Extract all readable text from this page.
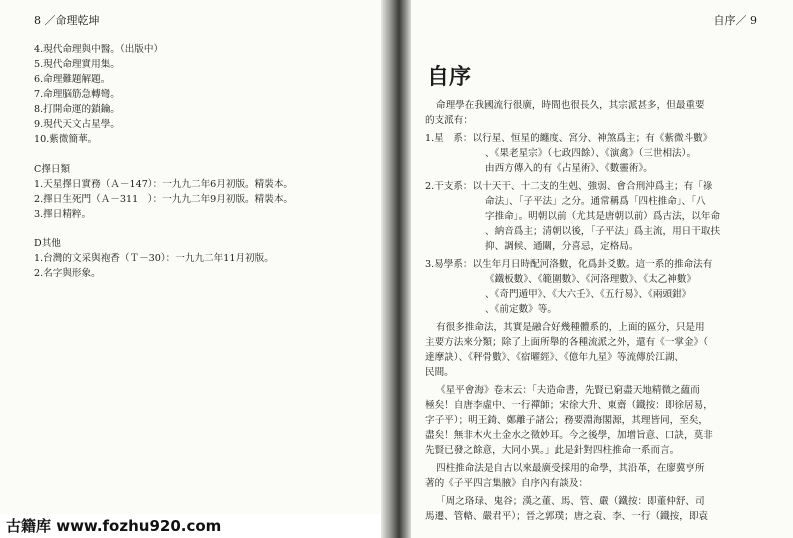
8 ／命理乾坤
4.現代命理與中醫。（出版中）
5.現代命理實用集。
6.命理難題解題。
7.命理脳筋急轉彎。
8.打開命運的鎖鑰。
9.現代天文占星學。
10.紫微簡華。
C擇日類
1.天星擇日實務（Ａ－147）：一九九二年6月初版。精裝本。
2.擇日生死門（Ａ－311　）：一九九二年9月初版。精裝本。
3.擇日精粹。
D其他
1.台灣的文采與袍香（Ｔ－30）：一九九二年11月初版。
2.名字與形象。
古籍库 www.fozhu920.com
自序／ 9
自序
命理學在我國流行很廣，時間也很長久，其宗派甚多，但最重要
的支派有：
1.星　系：以行星、恒星的纏度、宮分、神煞爲主；有《紫微斗數》
、《果老星宗》（七政四餘）、《演禽》（三世相法）。
由西方傳入的有《占星術》、《數靈術》。
2.干支系：以十天干、十二支的生剋、強弱、會合刑沖爲主；有「祿
命法」、「子平法」之分。通常稱爲「四柱推命」、「八
字推命」。明朝以前（尤其是唐朝以前）爲古法，以年命
、納音爲主；清朝以後，「子平法」爲主流，用日干取扶
抑、調候、通關，分喜忌，定格局。
3.易學系：以生年月日時配河洛數，化爲卦爻數。這一系的推命法有
《鐵板數》、《範圍數》、《河洛理數》、《太乙神數》
、《奇門遁甲》、《大六壬》、《五行易》、《兩頭鉗》
、《前定數》等。
有很多推命法，其實是融合好幾種體系的，上面的區分，只是用
主要方法來分類；除了上面所舉的各種流派之外，還有《一掌金》（
達摩訣）、《秤骨數》、《宿曜經》、《億年九星》等流傳於江湖、
民間。
《星平會海》卷末云：「夫造命書，先賢已窮盡天地精微之蘊而
極矣！自唐李虛中、一行禪師；宋徐大升、東齋（鐵按：即徐居易，
字子平）；明王錡、鄭離子諸公；務要淵海閣源，其理皆同，至矣，
盡矣！無非木火土金水之徵妙耳。今之後學，加增旨意、口訣，莫非
先賢已發之餘意，大同小異。」此是針對四柱推命一系而言。
四柱推命法是自古以來最廣受採用的命學，其沿革，在廖冀亨所
著的《子平四言集腋》自序內有談及：
「周之珞琭、鬼谷；漢之董、馬、管、嚴（鐵按：即董仲舒、司
馬遷、管輅、嚴君平）；晉之郭璞；唐之袁、李、一行（鐵按，即袁
